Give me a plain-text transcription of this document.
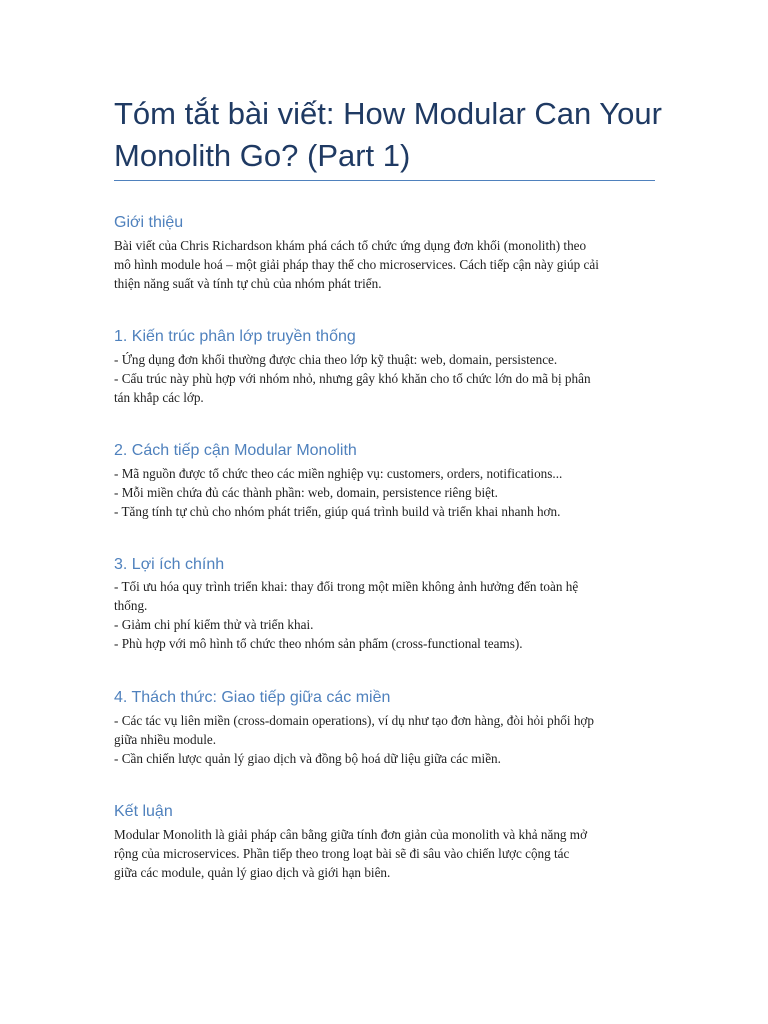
Tóm tắt bài viết: How Modular Can Your
Monolith Go? (Part 1)
Giới thiệu

Bài viết của Chris Richardson khám phá cách tổ chức ứng dụng đơn khối (monolith) theo

mô hình module hoá – một giải pháp thay thế cho microservices. Cách tiếp cận này giúp cải

thiện năng suất và tính tự chủ của nhóm phát triển.

1. Kiến trúc phân lớp truyền thống

- Ứng dụng đơn khối thường được chia theo lớp kỹ thuật: web, domain, persistence.

- Cấu trúc này phù hợp với nhóm nhỏ, nhưng gây khó khăn cho tổ chức lớn do mã bị phân

tán khắp các lớp.

2. Cách tiếp cận Modular Monolith

- Mã nguồn được tổ chức theo các miền nghiệp vụ: customers, orders, notifications...

- Mỗi miền chứa đủ các thành phần: web, domain, persistence riêng biệt.

- Tăng tính tự chủ cho nhóm phát triển, giúp quá trình build và triển khai nhanh hơn.

3. Lợi ích chính

- Tối ưu hóa quy trình triển khai: thay đổi trong một miền không ảnh hưởng đến toàn hệ

thống.

- Giảm chi phí kiểm thử và triển khai.

- Phù hợp với mô hình tổ chức theo nhóm sản phẩm (cross-functional teams).

4. Thách thức: Giao tiếp giữa các miền

- Các tác vụ liên miền (cross-domain operations), ví dụ như tạo đơn hàng, đòi hỏi phối hợp

giữa nhiều module.

- Cần chiến lược quản lý giao dịch và đồng bộ hoá dữ liệu giữa các miền.

Kết luận

Modular Monolith là giải pháp cân bằng giữa tính đơn giản của monolith và khả năng mở

rộng của microservices. Phần tiếp theo trong loạt bài sẽ đi sâu vào chiến lược cộng tác

giữa các module, quản lý giao dịch và giới hạn biên.
